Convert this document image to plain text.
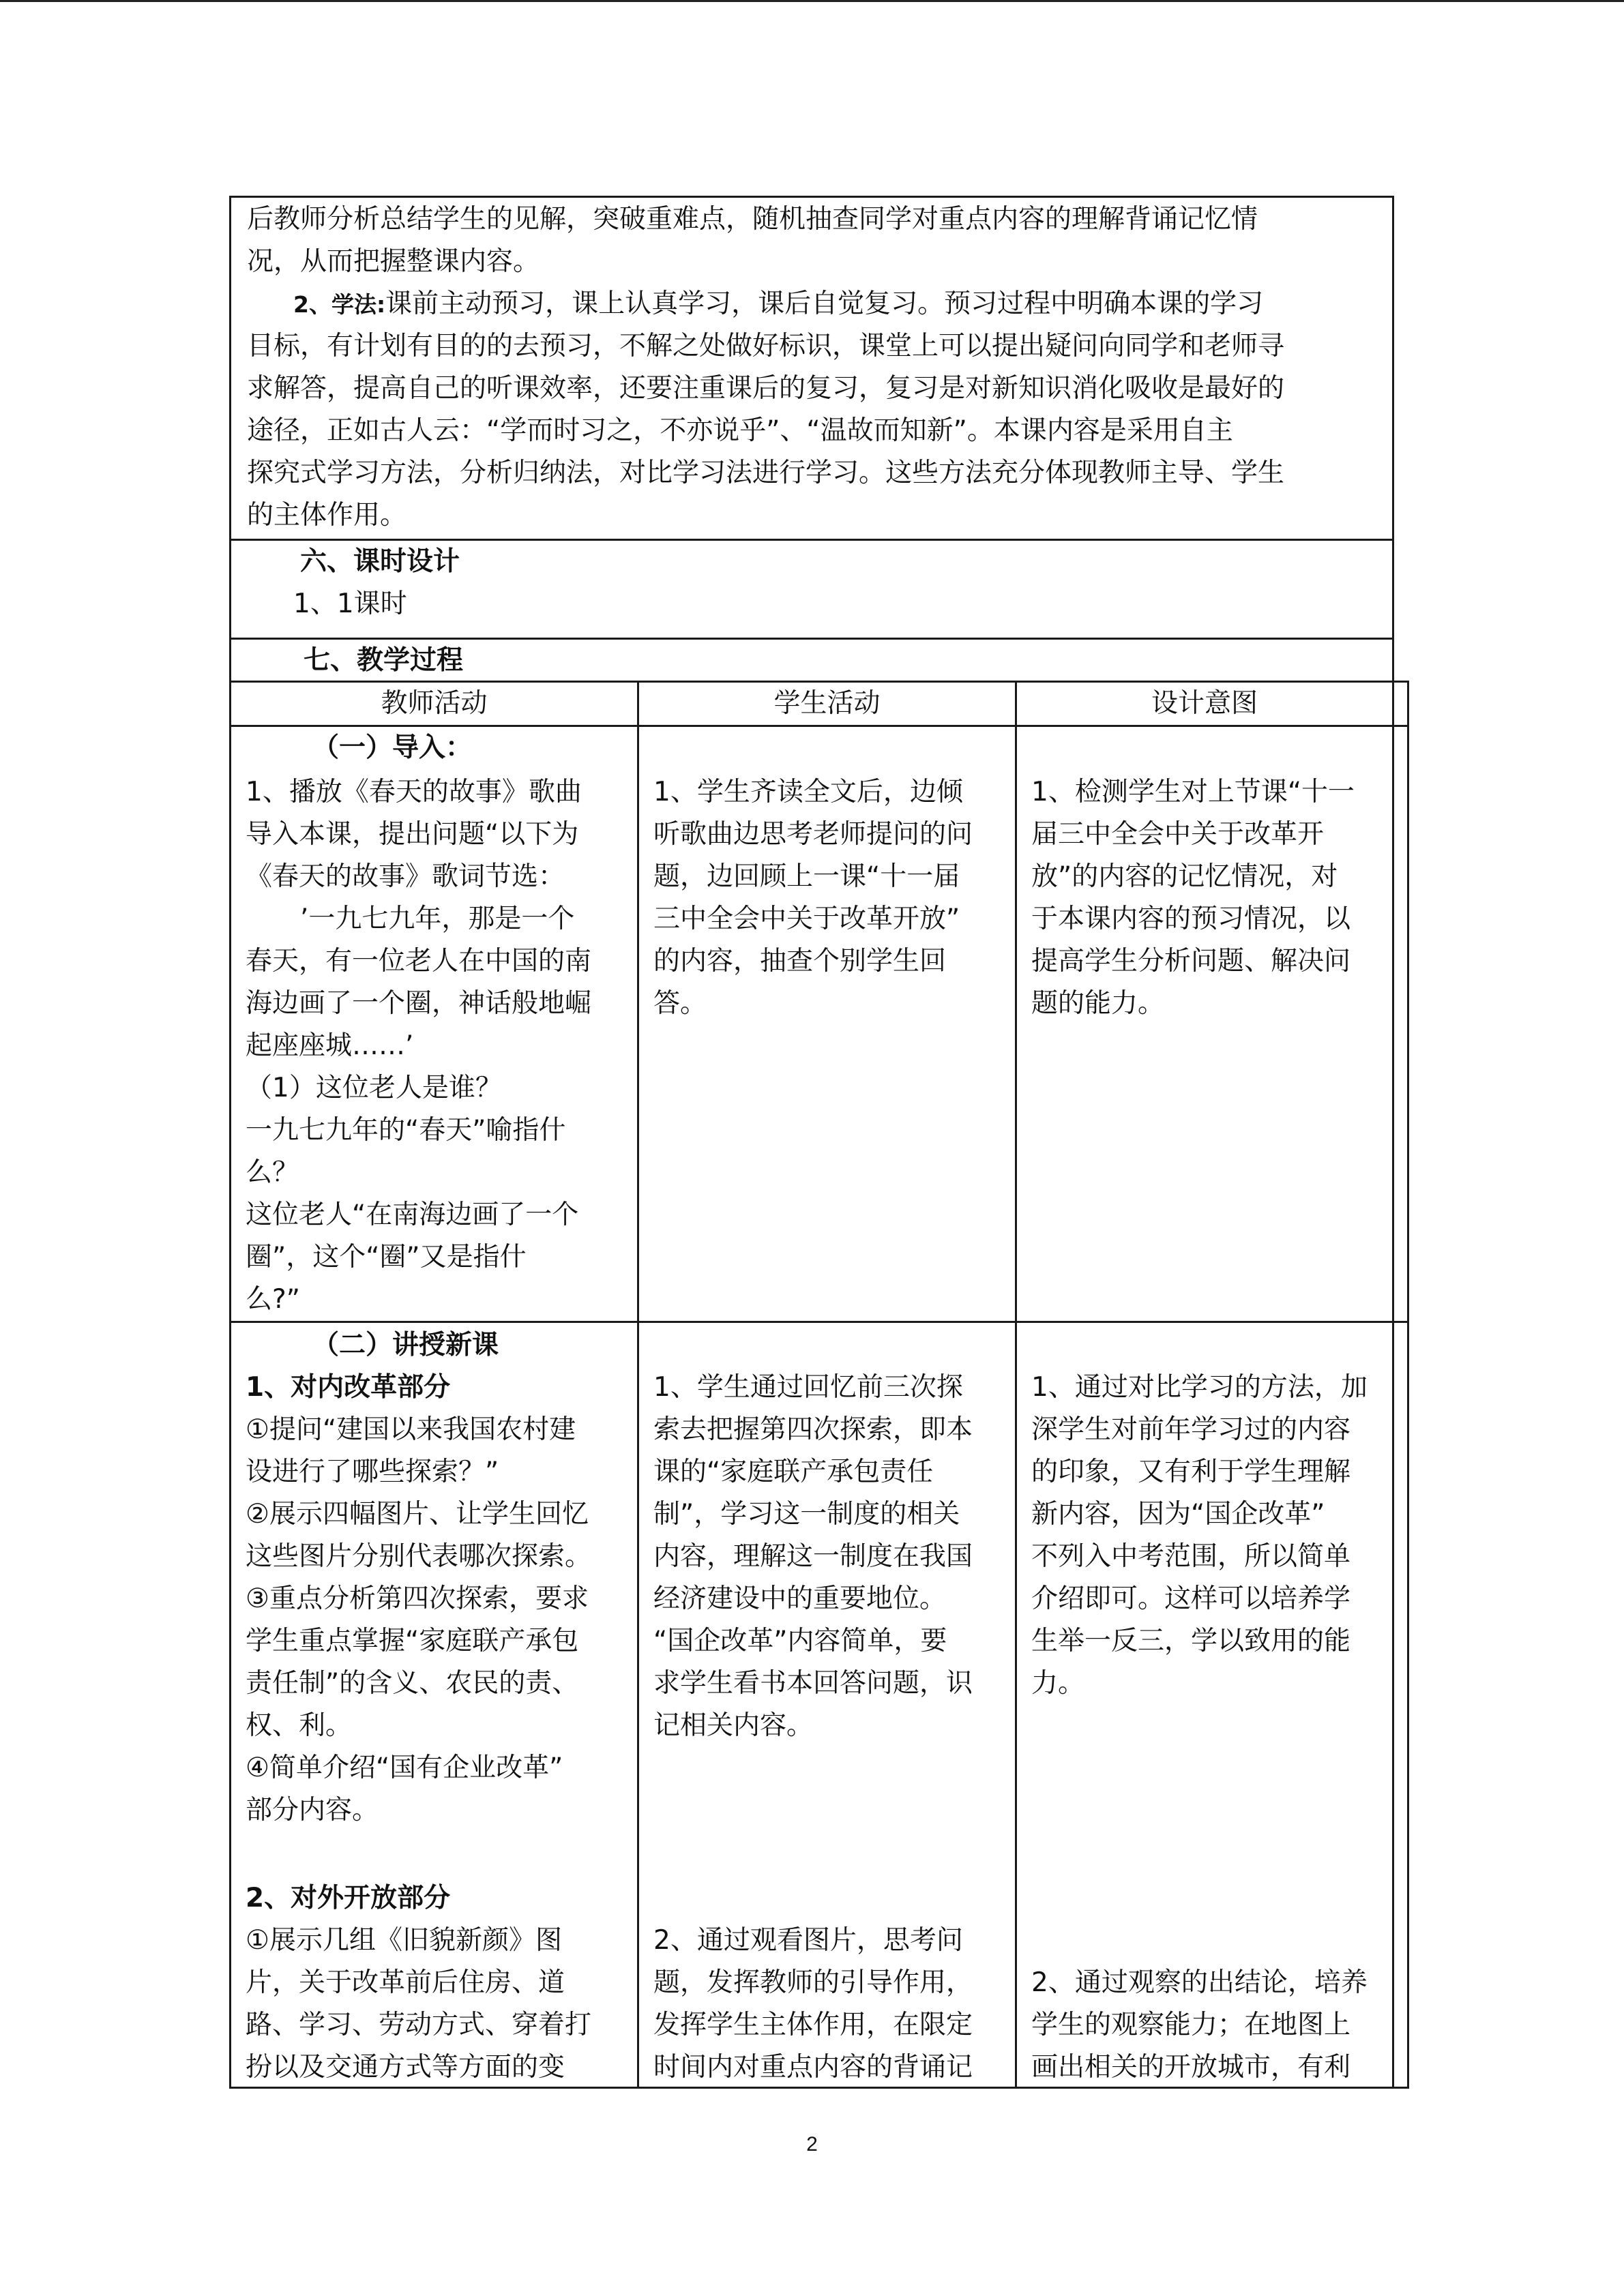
后教师分析总结学生的见解，突破重难点，随机抽查同学对重点内容的理解背诵记忆情
况，从而把握整课内容。
2、学法:课前主动预习，课上认真学习，课后自觉复习。预习过程中明确本课的学习
目标，有计划有目的的去预习，不解之处做好标识，课堂上可以提出疑问向同学和老师寻
求解答，提高自己的听课效率，还要注重课后的复习，复习是对新知识消化吸收是最好的
途径，正如古人云：“学而时习之，不亦说乎”、“温故而知新”。本课内容是采用自主
探究式学习方法，分析归纳法，对比学习法进行学习。这些方法充分体现教师主导、学生
的主体作用。
六、课时设计
1、1课时
七、教学过程
教师活动	学生活动	设计意图
（一）导入：
1、播放《春天的故事》歌曲
导入本课，提出问题“以下为
《春天的故事》歌词节选：
’一九七九年，那是一个
春天，有一位老人在中国的南
海边画了一个圈，神话般地崛
起座座城……’
（1）这位老人是谁？
一九七九年的“春天”喻指什
么？
这位老人“在南海边画了一个
圈”，这个“圈”又是指什
么?”
1、学生齐读全文后，边倾
听歌曲边思考老师提问的问
题，边回顾上一课“十一届
三中全会中关于改革开放”
的内容，抽查个别学生回
答。
1、检测学生对上节课“十一
届三中全会中关于改革开
放”的内容的记忆情况，对
于本课内容的预习情况，以
提高学生分析问题、解决问
题的能力。
（二）讲授新课
1、对内改革部分
①提问“建国以来我国农村建
设进行了哪些探索？”
②展示四幅图片、让学生回忆
这些图片分别代表哪次探索。
③重点分析第四次探索，要求
学生重点掌握“家庭联产承包
责任制”的含义、农民的责、
权、利。
④简单介绍“国有企业改革”
部分内容。
2、对外开放部分
①展示几组《旧貌新颜》图
片，关于改革前后住房、道
路、学习、劳动方式、穿着打
扮以及交通方式等方面的变
1、学生通过回忆前三次探
索去把握第四次探索，即本
课的“家庭联产承包责任
制”，学习这一制度的相关
内容，理解这一制度在我国
经济建设中的重要地位。
“国企改革”内容简单，要
求学生看书本回答问题，识
记相关内容。
2、通过观看图片，思考问
题，发挥教师的引导作用，
发挥学生主体作用，在限定
时间内对重点内容的背诵记
1、通过对比学习的方法，加
深学生对前年学习过的内容
的印象，又有利于学生理解
新内容，因为“国企改革”
不列入中考范围，所以简单
介绍即可。这样可以培养学
生举一反三，学以致用的能
力。
2、通过观察的出结论，培养
学生的观察能力；在地图上
画出相关的开放城市，有利
2
